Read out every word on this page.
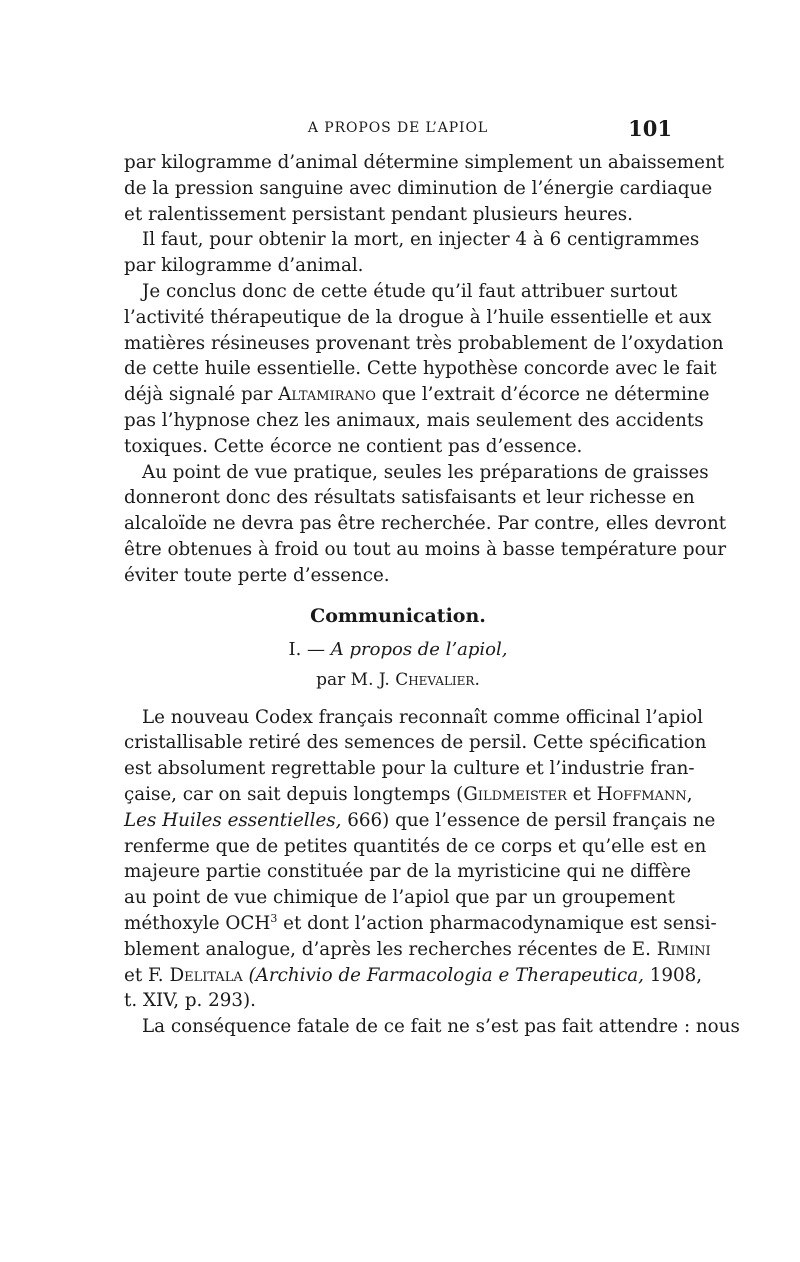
A PROPOS DE L’APIOL	101
par kilogramme d’animal détermine simplement un abaissement
de la pression sanguine avec diminution de l’énergie cardiaque
et ralentissement persistant pendant plusieurs heures.
Il faut, pour obtenir la mort, en injecter 4 à 6 centigrammes
par kilogramme d’animal.
Je conclus donc de cette étude qu’il faut attribuer surtout
l’activité thérapeutique de la drogue à l’huile essentielle et aux
matières résineuses provenant très probablement de l’oxydation
de cette huile essentielle. Cette hypothèse concorde avec le fait
déjà signalé par Altamirano que l’extrait d’écorce ne détermine
pas l’hypnose chez les animaux, mais seulement des accidents
toxiques. Cette écorce ne contient pas d’essence.
Au point de vue pratique, seules les préparations de graisses
donneront donc des résultats satisfaisants et leur richesse en
alcaloïde ne devra pas être recherchée. Par contre, elles devront
être obtenues à froid ou tout au moins à basse température pour
éviter toute perte d’essence.
Communication.
I. — A propos de l’apiol,
par M. J. Chevalier.
Le nouveau Codex français reconnaît comme officinal l’apiol
cristallisable retiré des semences de persil. Cette spécification
est absolument regrettable pour la culture et l’industrie fran-
çaise, car on sait depuis longtemps (Gildmeister et Hoffmann,
Les Huiles essentielles, 666) que l’essence de persil français ne
renferme que de petites quantités de ce corps et qu’elle est en
majeure partie constituée par de la myristicine qui ne diffère
au point de vue chimique de l’apiol que par un groupement
méthoxyle OCH$^3$ et dont l’action pharmacodynamique est sensi-
blement analogue, d’après les recherches récentes de E. Rimini
et F. Delitala (Archivio de Farmacologia e Therapeutica, 1908,
t. XIV, p. 293).
La conséquence fatale de ce fait ne s’est pas fait attendre : nous
